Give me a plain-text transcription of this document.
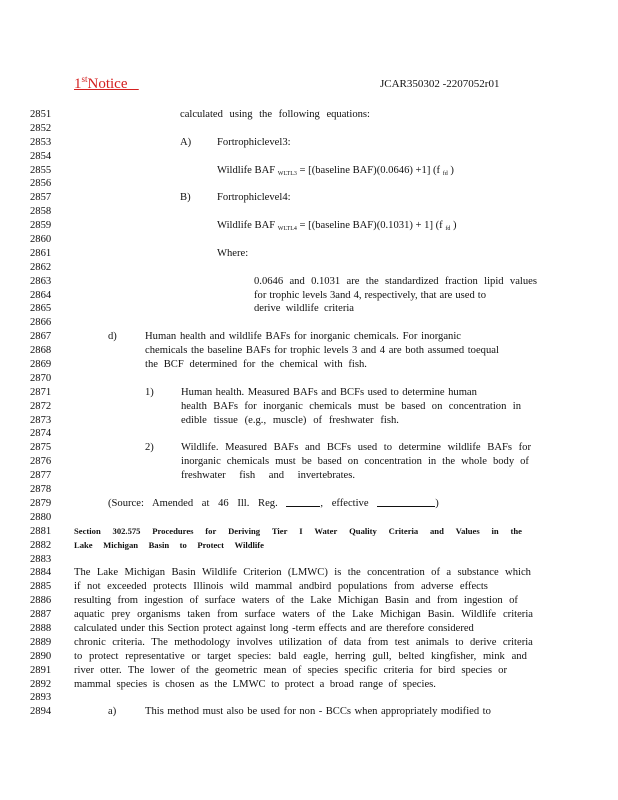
1stNotice	JCAR350302 -2207052r01
2851	calculated using the following equations:
2852
2853	A) For trophic level 3:
2854
2855	Wildlife BAF $_{WLTL3}$ = [(baseline BAF)(0.0646) +1] (f $_{fd}$ )
2856
2857	B) For trophic level 4:
2858
2859	Wildlife BAF $_{WLTL4}$ = [(baseline BAF)(0.1031) + 1] (f $_{fd}$ )
2860
2861	Where:
2862
2863	0.0646 and 0.1031 are the standardized fraction lipid values
2864	for trophic levels 3and 4, respectively, that are used to
2865	derive wildlife criteria
2866
2867	d)	Human health and wildlife BAFs for inorganic chemicals. For inorganic
2868	chemicals the baseline BAFs for trophic levels 3 and 4 are both assumed toequal
2869	the BCF determined for the chemical with fish.
2870
2871	1)	Human health. Measured BAFs and BCFs used to determine human
2872	health BAFs for inorganic chemicals must be based on concentration in
2873	edible tissue (e.g., muscle) of freshwater fish.
2874
2875	2)	Wildlife. Measured BAFs and BCFs used to determine wildlife BAFs for
2876	inorganic chemicals must be based on concentration in the whole body of
2877	freshwater fish and invertebrates.
2878
2879	(Source: Amended at 46 Ill. Reg.	, effective	)
2880
2881	Section 302.575 Procedures for Deriving Tier I Water Quality Criteria and Values in the
2882	Lake Michigan Basin to Protect Wildlife
2883
2884	The Lake Michigan Basin Wildlife Criterion (LMWC) is the concentration of a substance which
2885	if not exceeded protects Illinois wild mammal andbird populations from adverse effects
2886	resulting from ingestion of surface waters of the Lake Michigan Basin and from ingestion of
2887	aquatic prey organisms taken from surface waters of the Lake Michigan Basin. Wildlife criteria
2888	calculated under this Section protect against long -term effects and are therefore considered
2889	chronic criteria. The methodology involves utilization of data from test animals to derive criteria
2890	to protect representative or target species: bald eagle, herring gull, belted kingfisher, mink and
2891	river otter. The lower of the geometric mean of species specific criteria for bird species or
2892	mammal species is chosen as the LMWC to protect a broad range of species.
2893
2894	a)	This method must also be used for non - BCCs when appropriately modified to
